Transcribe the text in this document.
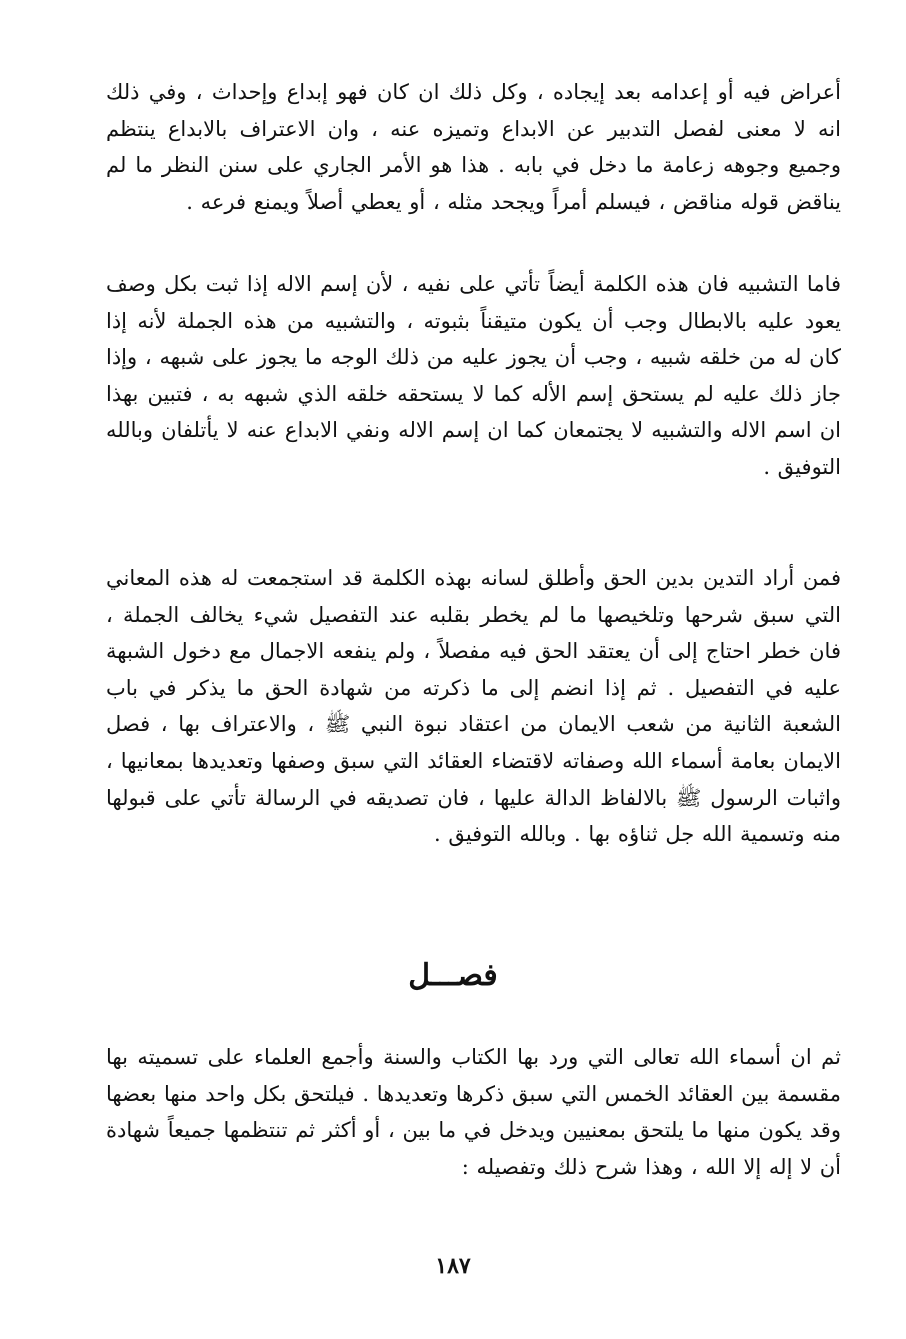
أعراض فيه أو إعدامه بعد إيجاده ، وكل ذلك ان كان فهو إبداع وإحداث ، وفي ذلك انه لا معنى لفصل التدبير عن الابداع وتميزه عنه ، وان الاعتراف بالابداع ينتظم وجميع وجوهه زعامة ما دخل في بابه . هذا هو الأمر الجاري على سنن النظر ما لم يناقض قوله مناقض ، فيسلم أمراً ويجحد مثله ، أو يعطي أصلاً ويمنع فرعه .

فاما التشبيه فان هذه الكلمة أيضاً تأتي على نفيه ، لأن إسم الاله إذا ثبت بكل وصف يعود عليه بالابطال وجب أن يكون متيقناً بثبوته ، والتشبيه من هذه الجملة لأنه إذا كان له من خلقه شبيه ، وجب أن يجوز عليه من ذلك الوجه ما يجوز على شبهه ، وإذا جاز ذلك عليه لم يستحق إسم الأله كما لا يستحقه خلقه الذي شبهه به ، فتبين بهذا ان اسم الاله والتشبيه لا يجتمعان كما ان إسم الاله ونفي الابداع عنه لا يأتلفان وبالله التوفيق .

فمن أراد التدين بدين الحق وأطلق لسانه بهذه الكلمة قد استجمعت له هذه المعاني التي سبق شرحها وتلخيصها ما لم يخطر بقلبه عند التفصيل شيء يخالف الجملة ، فان خطر احتاج إلى أن يعتقد الحق فيه مفصلاً ، ولم ينفعه الاجمال مع دخول الشبهة عليه في التفصيل . ثم إذا انضم إلى ما ذكرته من شهادة الحق ما يذكر في باب الشعبة الثانية من شعب الايمان من اعتقاد نبوة النبي ﷺ ، والاعتراف بها ، فصل الايمان بعامة أسماء الله وصفاته لاقتضاء العقائد التي سبق وصفها وتعديدها بمعانيها ، واثبات الرسول ﷺ بالالفاظ الدالة عليها ، فان تصديقه في الرسالة تأتي على قبولها منه وتسمية الله جل ثناؤه بها . وبالله التوفيق .

فصـــل

ثم ان أسماء الله تعالى التي ورد بها الكتاب والسنة وأجمع العلماء على تسميته بها مقسمة بين العقائد الخمس التي سبق ذكرها وتعديدها . فيلتحق بكل واحد منها بعضها وقد يكون منها ما يلتحق بمعنيين ويدخل في ما بين ، أو أكثر ثم تنتظمها جميعاً شهادة أن لا إله إلا الله ، وهذا شرح ذلك وتفصيله :

١٨٧
